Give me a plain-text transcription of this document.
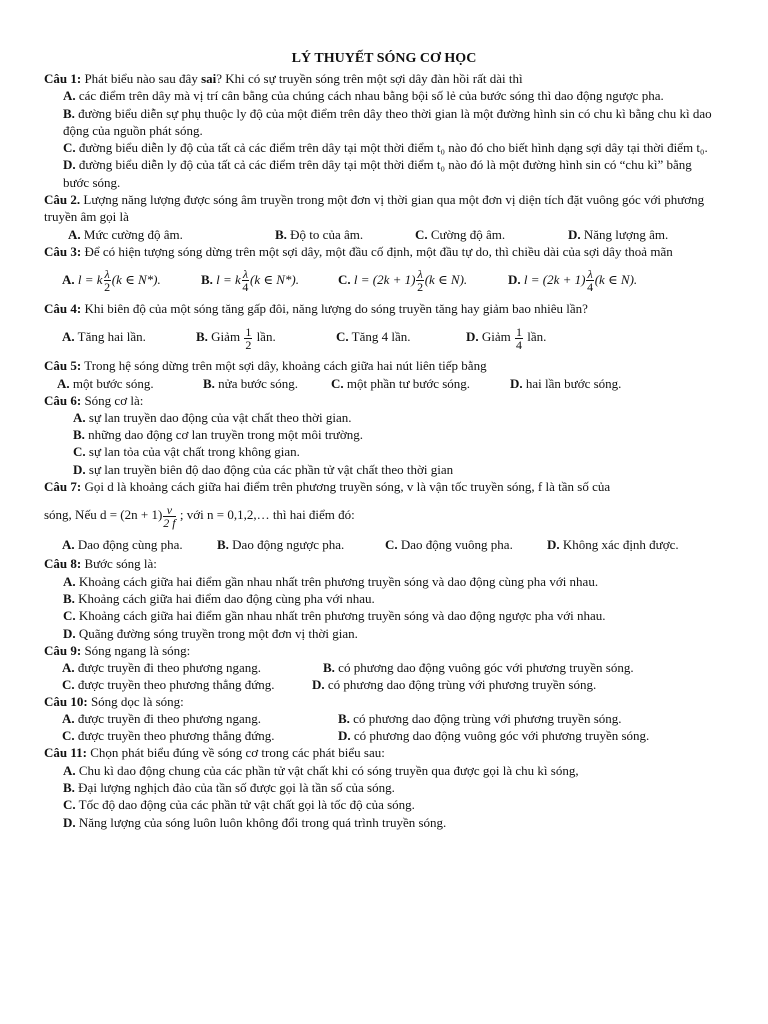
LÝ THUYẾT SÓNG CƠ HỌC
Câu 1: Phát biểu nào sau đây sai? Khi có sự truyền sóng trên một sợi dây đàn hồi rất dài thì
A. các điểm trên dây mà vị trí cân bằng của chúng cách nhau bằng bội số lẻ của bước sóng thì dao động ngược pha.
B. đường biểu diễn sự phụ thuộc ly độ của một điểm trên dây theo thời gian là một đường hình sin có chu kì bằng chu kì dao động của nguồn phát sóng.
C. đường biểu diễn ly độ của tất cả các điểm trên dây tại một thời điểm t₀ nào đó cho biết hình dạng sợi dây tại thời điểm t₀.
D. đường biểu diễn ly độ của tất cả các điểm trên dây tại một thời điểm t₀ nào đó là một đường hình sin có “chu kì” bằng bước sóng.
Câu 2. Lượng năng lượng được sóng âm truyền trong một đơn vị thời gian qua một đơn vị diện tích đặt vuông góc với phương truyền âm gọi là
A. Mức cường độ âm.	B. Độ to của âm.	C. Cường độ âm.	D. Năng lượng âm.
Câu 3: Để có hiện tượng sóng dừng trên một sợi dây, một đầu cố định, một đầu tự do, thì chiều dài của sợi dây thoả mãn
A. l = k $\frac{\lambda}{2} (k$ ∈ N*).	B. l = k $\frac{\lambda}{4} (k$ ∈ N*).	C. $l = (2k + 1) \frac{\lambda}{2} (k$ ∈ N).	D. $l = (2k + 1) \frac{\lambda}{4} (k$ ∈ N).
Câu 4: Khi biên độ của một sóng tăng gấp đôi, năng lượng do sóng truyền tăng hay giảm bao nhiêu lần?
A. Tăng hai lần.	B. Giảm $\frac{1}{2}$ lần.	C. Tăng 4 lần.	D. Giảm $\frac{1}{4}$ lần.
Câu 5: Trong hệ sóng dừng trên một sợi dây, khoảng cách giữa hai nút liên tiếp bằng
A. một bước sóng.	B. nửa bước sóng.	C. một phần tư bước sóng.	D. hai lần bước sóng.
Câu 6: Sóng cơ là:
A. sự lan truyền dao động của vật chất theo thời gian.
B. những dao động cơ lan truyền trong một môi trường.
C. sự lan tỏa của vật chất trong không gian.
D. sự lan truyền biên độ dao động của các phần tử vật chất theo thời gian
Câu 7: Gọi d là khoảng cách giữa hai điểm trên phương truyền sóng, v là vận tốc truyền sóng, f là tần số của
sóng, Nếu $d = (2n + 1) \frac{v}{2 f}$ ; với n = 0,1,2,… thì hai điểm đó:
A. Dao động cùng pha.	B. Dao động ngược pha.	C. Dao động vuông pha.	D. Không xác định được.
Câu 8: Bước sóng là:
A. Khoảng cách giữa hai điểm gần nhau nhất trên phương truyền sóng và dao động cùng pha với nhau.
B. Khoảng cách giữa hai điểm dao động cùng pha với nhau.
C. Khoảng cách giữa hai điểm gần nhau nhất trên phương truyền sóng và dao động ngược pha với nhau.
D. Quãng đường sóng truyền trong một đơn vị thời gian.
Câu 9: Sóng ngang là sóng:
A. được truyền đi theo phương ngang.	B. có phương dao động vuông góc với phương truyền sóng.
C. được truyền theo phương thẳng đứng.	D. có phương dao động trùng với phương truyền sóng.
Câu 10: Sóng dọc là sóng:
A. được truyền đi theo phương ngang.	B. có phương dao động trùng với phương truyền sóng.
C. được truyền theo phương thẳng đứng.	D. có phương dao động vuông góc với phương truyền sóng.
Câu 11: Chọn phát biểu đúng về sóng cơ trong các phát biểu sau:
A. Chu kì dao động chung của các phần tử vật chất khi có sóng truyền qua được gọi là chu kì sóng,
B. Đại lượng nghịch đảo của tần số được gọi là tần số của sóng.
C. Tốc độ dao động của các phần tử vật chất gọi là tốc độ của sóng.
D. Năng lượng của sóng luôn luôn không đổi trong quá trình truyền sóng.
